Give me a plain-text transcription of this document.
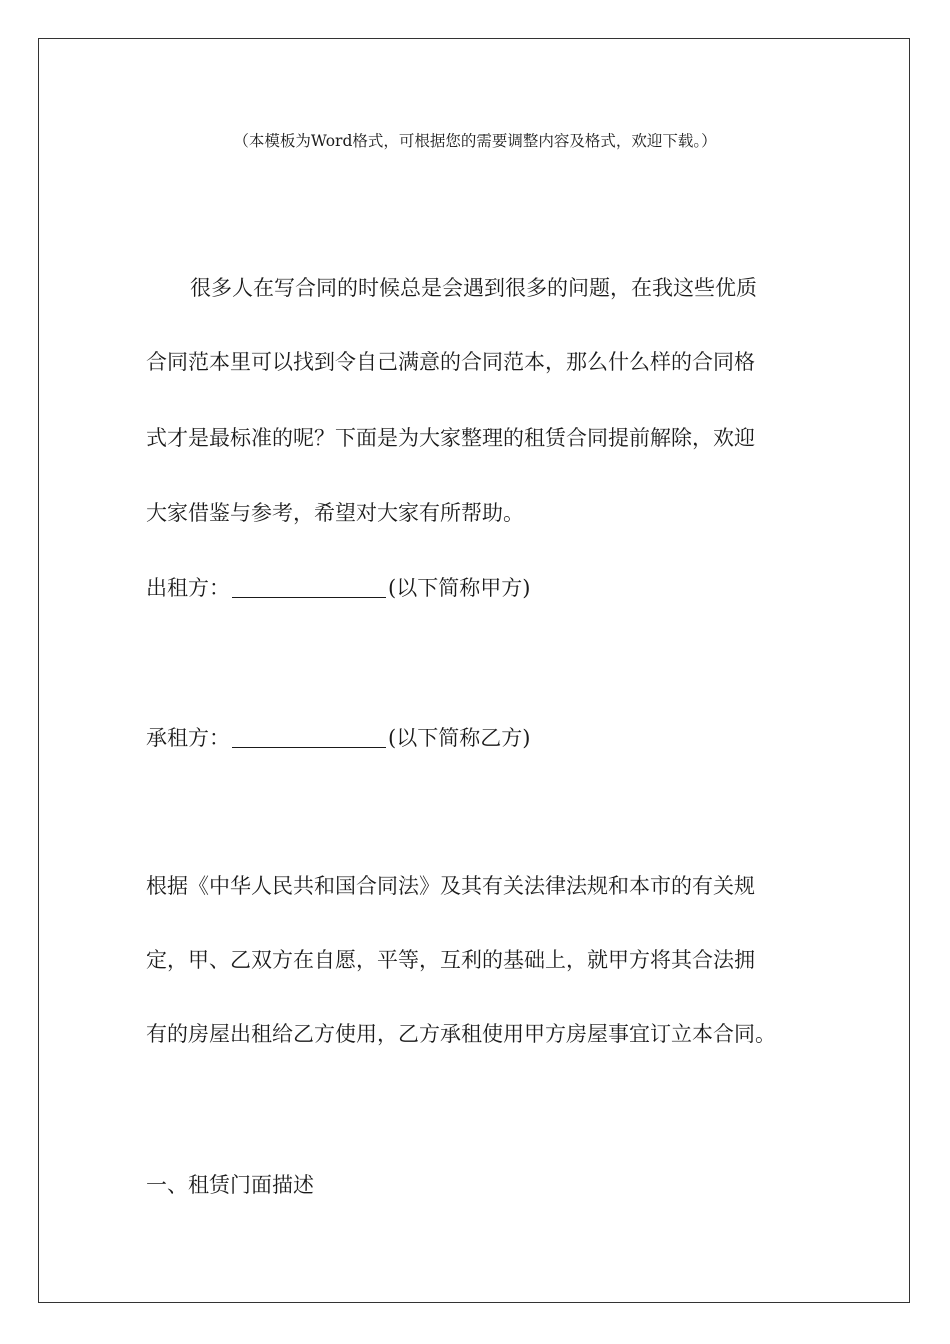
（本模板为Word格式，可根据您的需要调整内容及格式，欢迎下载。）
很多人在写合同的时候总是会遇到很多的问题，在我这些优质
合同范本里可以找到令自己满意的合同范本，那么什么样的合同格
式才是最标准的呢？下面是为大家整理的租赁合同提前解除，欢迎
大家借鉴与参考，希望对大家有所帮助。
出租方：	(以下简称甲方)
承租方：	(以下简称乙方)
根据《中华人民共和国合同法》及其有关法律法规和本市的有关规
定，甲、乙双方在自愿，平等，互利的基础上，就甲方将其合法拥
有的房屋出租给乙方使用，乙方承租使用甲方房屋事宜订立本合同。
一、租赁门面描述
